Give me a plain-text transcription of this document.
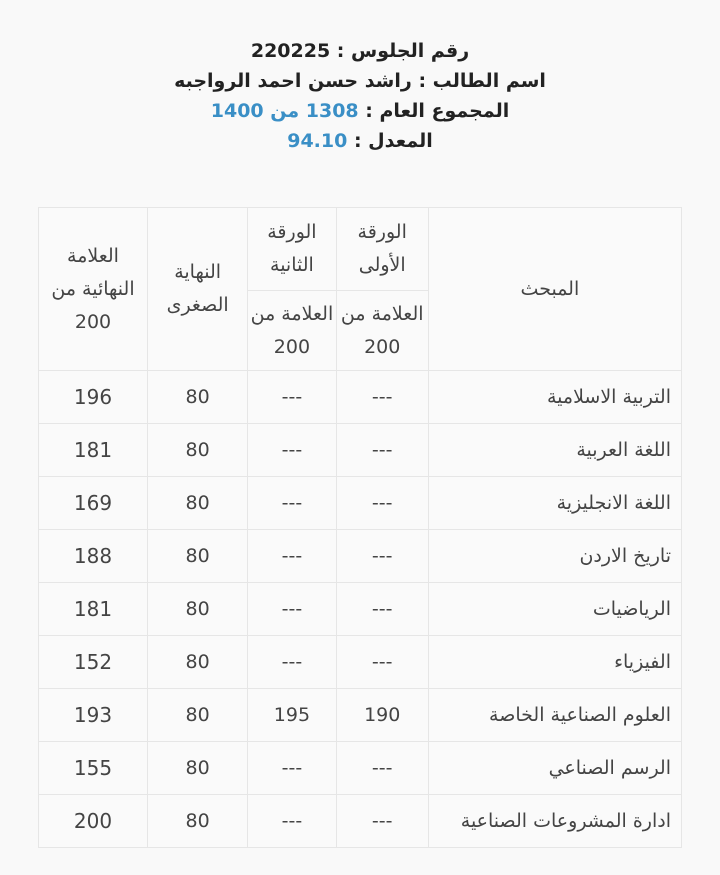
رقم الجلوس : 220225
اسم الطالب : راشد حسن احمد الرواجبه
المجموع العام : 1308 من 1400
المعدل : 94.10
المبحث	الورقة الأولى	الورقة الثانية	النهاية الصغرى	العلامة النهائية من 200
	العلامة من 200	العلامة من 200		
التربية الاسلامية	---	---	80	196
اللغة العربية	---	---	80	181
اللغة الانجليزية	---	---	80	169
تاريخ الاردن	---	---	80	188
الرياضيات	---	---	80	181
الفيزياء	---	---	80	152
العلوم الصناعية الخاصة	190	195	80	193
الرسم الصناعي	---	---	80	155
ادارة المشروعات الصناعية	---	---	80	200
